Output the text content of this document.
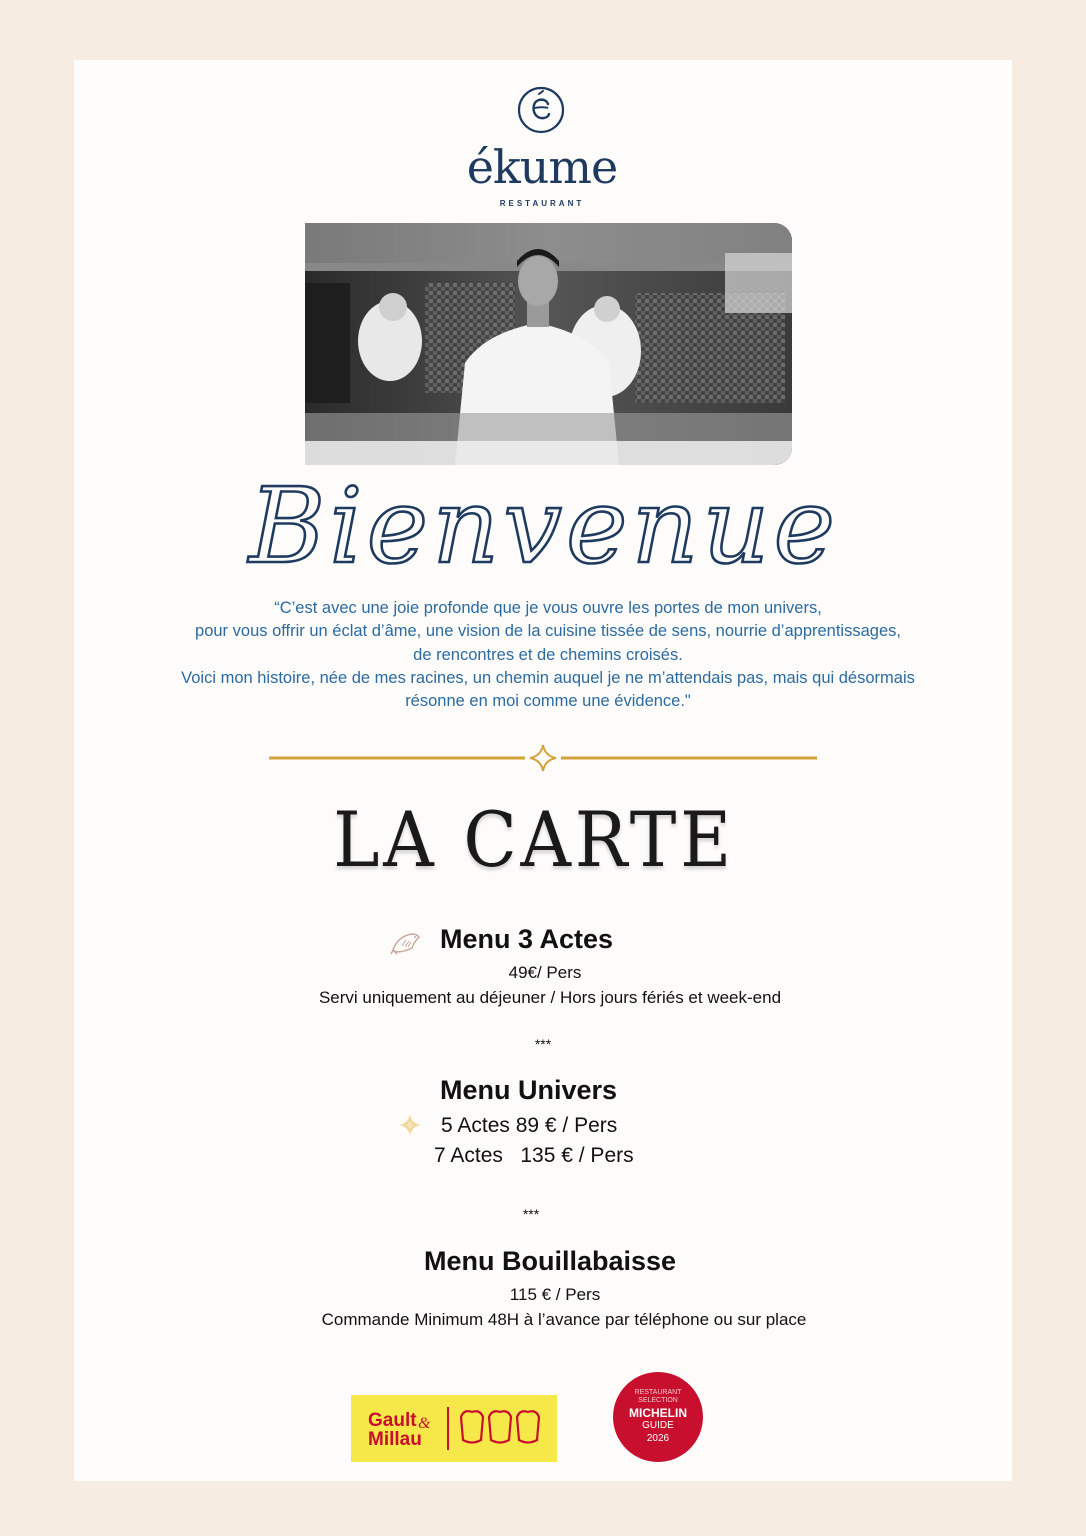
ékume
RESTAURANT
Bienvenue
“C’est avec une joie profonde que je vous ouvre les portes de mon univers,
pour vous offrir un éclat d’âme, une vision de la cuisine tissée de sens, nourrie d’apprentissages,
de rencontres et de chemins croisés.
Voici mon histoire, née de mes racines, un chemin auquel je ne m’attendais pas, mais qui désormais
résonne en moi comme une évidence."
LA CARTE
Menu 3 Actes
49€/ Pers
Servi uniquement au déjeuner / Hors jours fériés et week-end
***
Menu Univers
5 Actes 89 € / Pers
7 Actes   135 € / Pers
***
Menu Bouillabaisse
115 € / Pers
Commande Minimum 48H à l’avance par téléphone ou sur place
Gault &
Millau
RESTAURANT
SELECTION
MICHELIN
GUIDE
2026
